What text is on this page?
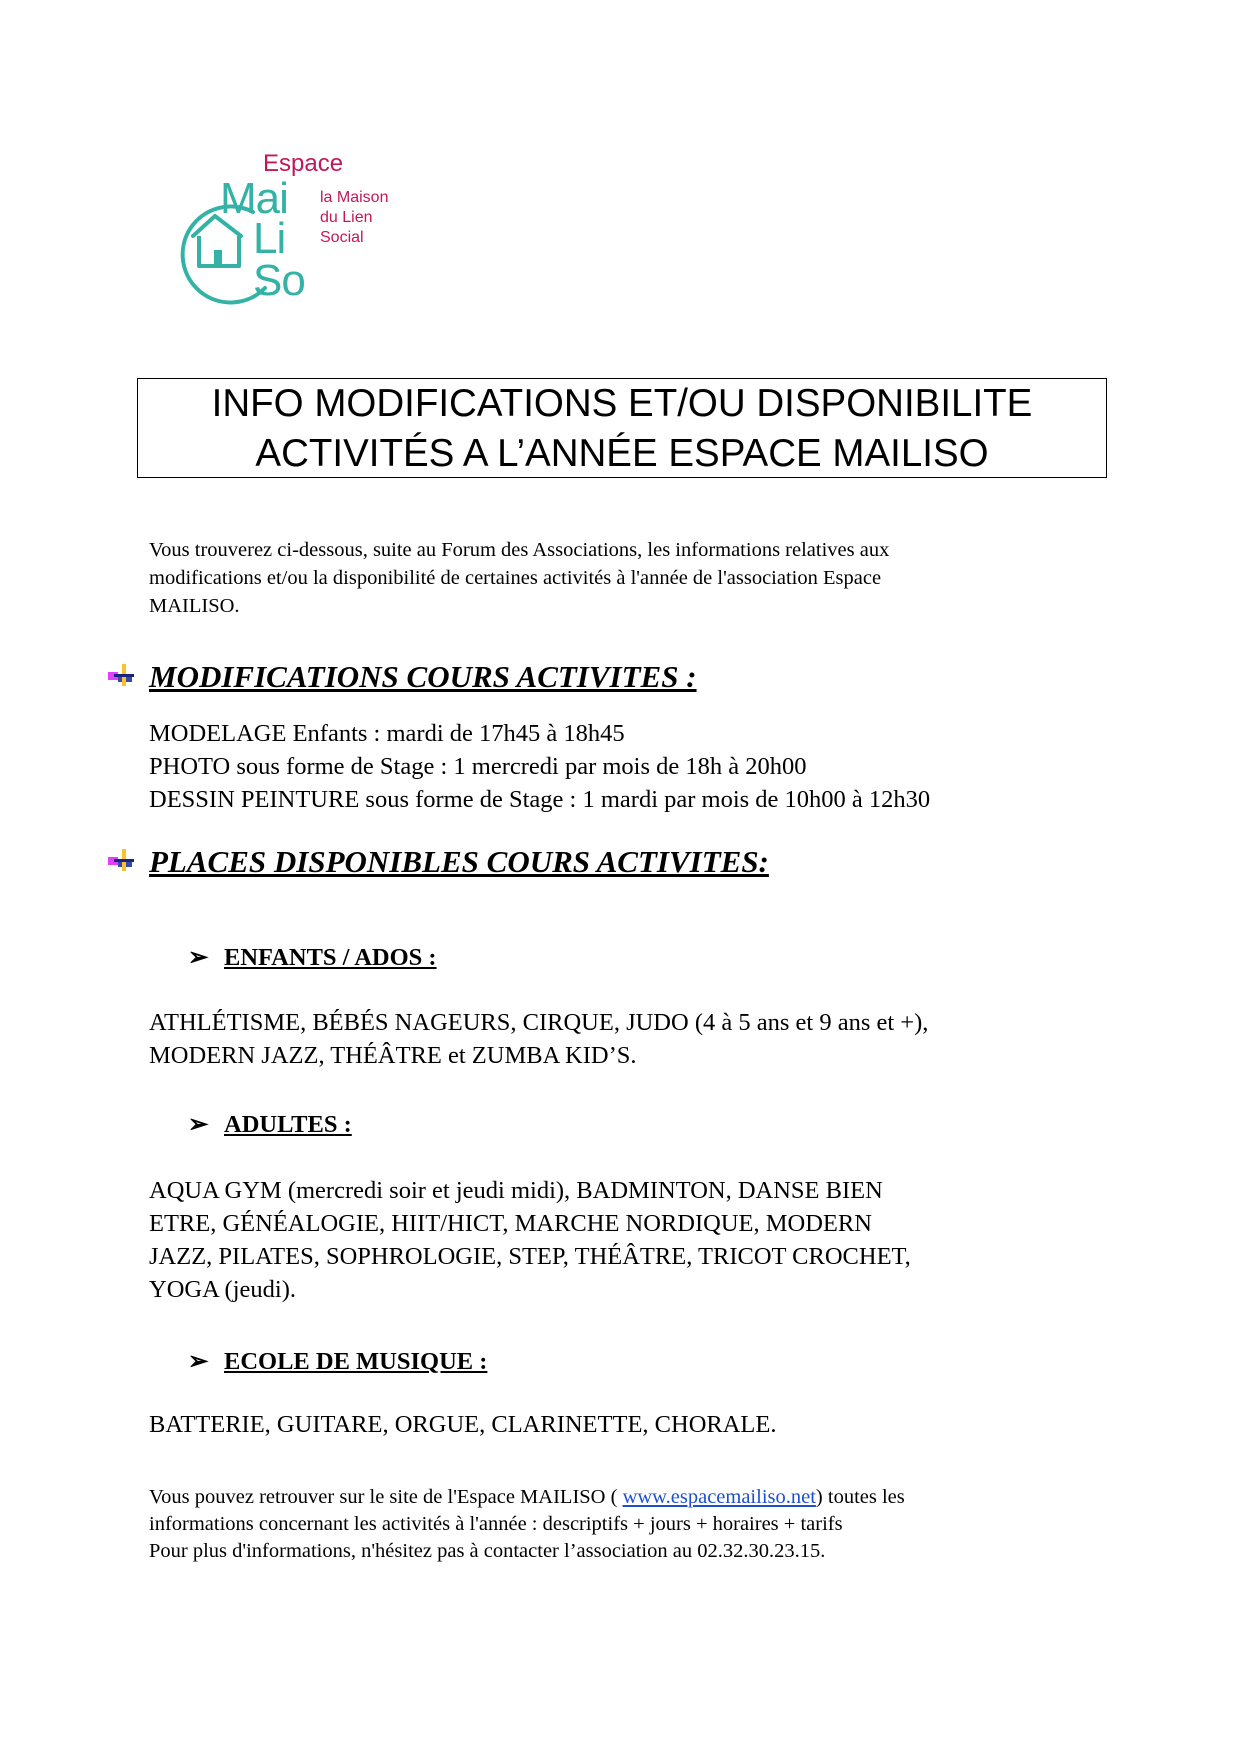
Espace
Mai
Li
So
la Maison
du Lien
Social
INFO MODIFICATIONS ET/OU DISPONIBILITE
ACTIVITÉS A L’ANNÉE ESPACE MAILISO
Vous trouverez ci-dessous, suite au Forum des Associations, les informations relatives aux
modifications et/ou la disponibilité de certaines activités à l'année de l'association Espace
MAILISO.
MODIFICATIONS COURS ACTIVITES :
MODELAGE Enfants : mardi de 17h45 à 18h45
PHOTO sous forme de Stage : 1 mercredi par mois de 18h à 20h00
DESSIN PEINTURE sous forme de Stage : 1 mardi par mois de 10h00 à 12h30
PLACES DISPONIBLES COURS ACTIVITES:
➢ ENFANTS / ADOS :
ATHLÉTISME, BÉBÉS NAGEURS, CIRQUE, JUDO (4 à 5 ans et 9 ans et +),
MODERN JAZZ, THÉÂTRE et ZUMBA KID’S.
➢ ADULTES :
AQUA GYM (mercredi soir et jeudi midi), BADMINTON, DANSE BIEN
ETRE, GÉNÉALOGIE, HIIT/HICT, MARCHE NORDIQUE, MODERN
JAZZ, PILATES, SOPHROLOGIE, STEP, THÉÂTRE, TRICOT CROCHET,
YOGA (jeudi).
➢ ECOLE DE MUSIQUE :
BATTERIE, GUITARE, ORGUE, CLARINETTE, CHORALE.
Vous pouvez retrouver sur le site de l'Espace MAILISO ( www.espacemailiso.net) toutes les
informations concernant les activités à l'année : descriptifs + jours + horaires + tarifs
Pour plus d'informations, n'hésitez pas à contacter l’association au 02.32.30.23.15.
